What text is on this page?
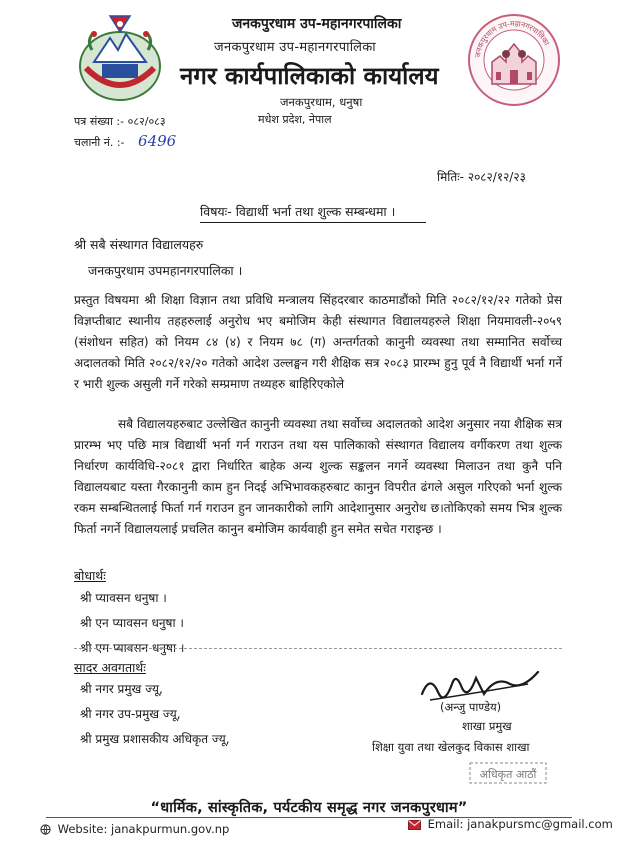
जनकपुरधाम उप-महानगरपालिका
जनकपुरधाम उप-महानगरपालिका
जनकपुरधाम उप-महानगरपालिका
नगर कार्यपालिकाको कार्यालय
जनकपुरधाम, धनुषा
मधेश प्रदेश, नेपाल
पत्र संख्या :- ०८२/०८३
चलानी नं. :- 6496
मितिः- २०८२/१२/२३
विषयः- विद्यार्थी भर्ना तथा शुल्क सम्बन्धमा ।
श्री सबै संस्थागत विद्यालयहरु
जनकपुरधाम उपमहानगरपालिका ।

प्रस्तुत विषयमा श्री शिक्षा विज्ञान तथा प्रविधि मन्त्रालय सिंहदरबार काठमाडौंको मिति २०८२/१२/२२ गतेको प्रेस विज्ञप्तीबाट स्थानीय तहहरुलाई अनुरोध भए बमोजिम केही संस्थागत विद्यालयहरुले शिक्षा नियमावली-२०५९ (संशोधन सहित) को नियम ८४ (४) र नियम ७८ (ग) अन्तर्गतको कानुनी व्यवस्था तथा सम्मानित सर्वोच्च अदालतको मिति २०८२/१२/२० गतेको आदेश उल्लङ्घन गरी शैक्षिक सत्र २०८३ प्रारम्भ हुनु पूर्व नै विद्यार्थी भर्ना गर्ने र भारी शुल्क असुली गर्ने गरेको सम्प्रमाण तथ्यहरु बाहिरिएकोले

सबै विद्यालयहरुबाट उल्लेखित कानुनी व्यवस्था तथा सर्वोच्च अदालतको आदेश अनुसार नया शैक्षिक सत्र प्रारम्भ भए पछि मात्र विद्यार्थी भर्ना गर्न गराउन तथा यस पालिकाको संस्थागत विद्यालय वर्गीकरण तथा शुल्क निर्धारण कार्यविधि-२०८१ द्वारा निर्धारित बाहेक अन्य शुल्क सङ्कलन नगर्ने व्यवस्था मिलाउन तथा कुनै पनि विद्यालयबाट यस्ता गैरकानुनी काम हुन निदई अभिभावकहरुबाट कानुन विपरीत ढंगले असुल गरिएको भर्ना शुल्क रकम सम्बन्धितलाई फिर्ता गर्न गराउन हुन जानकारीको लागि आदेशानुसार अनुरोध छ।तोकिएको समय भित्र शुल्क फिर्ता नगर्ने विद्यालयलाई प्रचलित कानुन बमोजिम कार्यवाही हुन समेत सचेत गराइन्छ ।

बोधार्थः
श्री प्यावसन धनुषा ।
श्री एन प्यावसन धनुषा ।
श्री एम प्यावसन धनुषा ।
सादर अवगतार्थः
श्री नगर प्रमुख ज्यू,
श्री नगर उप-प्रमुख ज्यू,
श्री प्रमुख प्रशासकीय अधिकृत ज्यू,
(अन्जु पाण्डेय)
शाखा प्रमुख
शिक्षा युवा तथा खेलकुद विकास शाखा
अधिकृत आठौं
“धार्मिक, सांस्कृतिक, पर्यटकीय समृद्ध नगर जनकपुरधाम”
Website: janakpurmun.gov.np	Email: janakpursmc@gmail.com
